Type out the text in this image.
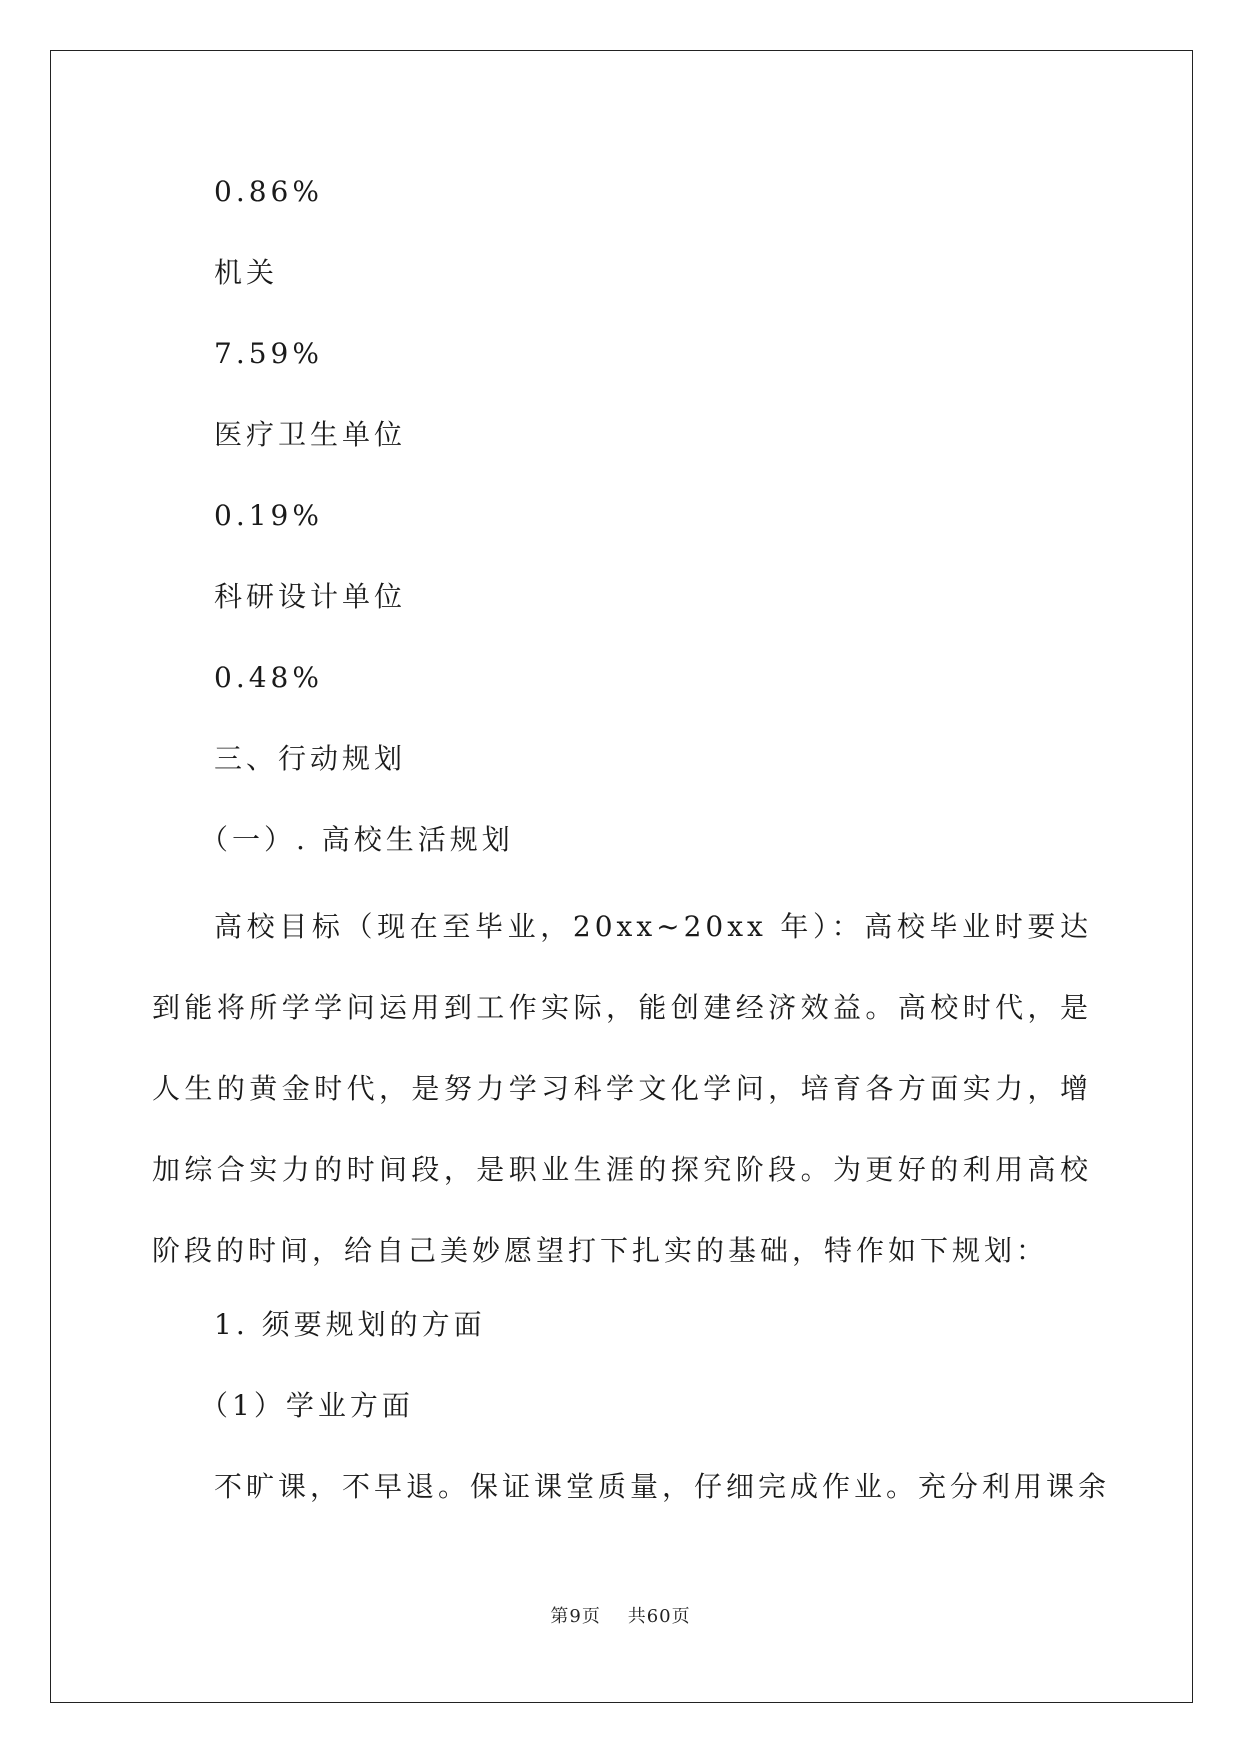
0.86%
机关
7.59%
医疗卫生单位
0.19%
科研设计单位
0.48%
三、行动规划
（一）. 高校生活规划
高校目标（现在至毕业，20xx~20xx 年）：高校毕业时要达到能将所学学问运用到工作实际，能创建经济效益。高校时代，是人生的黄金时代，是努力学习科学文化学问，培育各方面实力，增加综合实力的时间段，是职业生涯的探究阶段。为更好的利用高校阶段的时间，给自己美妙愿望打下扎实的基础，特作如下规划：
1. 须要规划的方面
（1）学业方面
不旷课，不早退。保证课堂质量，仔细完成作业。充分利用课余
第9页 共60页
